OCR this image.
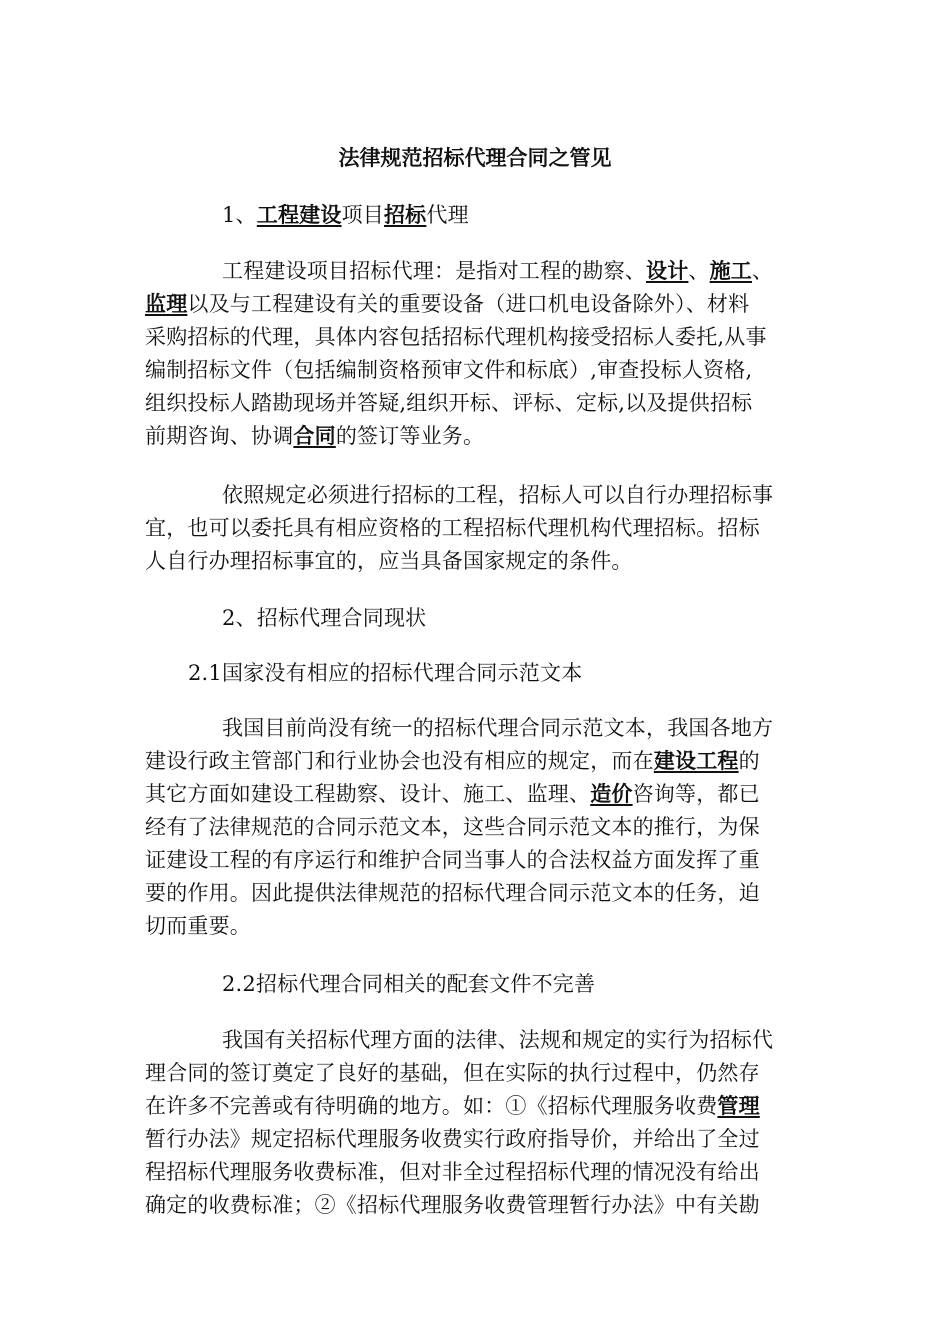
法律规范招标代理合同之管见
1、工程建设项目招标代理
工程建设项目招标代理：是指对工程的勘察、设计、施工、
监理以及与工程建设有关的重要设备（进口机电设备除外）、材料
采购招标的代理，具体内容包括招标代理机构接受招标人委托,从事
编制招标文件（包括编制资格预审文件和标底）,审查投标人资格,
组织投标人踏勘现场并答疑,组织开标、评标、定标,以及提供招标
前期咨询、协调合同的签订等业务。
依照规定必须进行招标的工程，招标人可以自行办理招标事
宜，也可以委托具有相应资格的工程招标代理机构代理招标。招标
人自行办理招标事宜的，应当具备国家规定的条件。
2、招标代理合同现状
2.1国家没有相应的招标代理合同示范文本
我国目前尚没有统一的招标代理合同示范文本，我国各地方
建设行政主管部门和行业协会也没有相应的规定，而在建设工程的
其它方面如建设工程勘察、设计、施工、监理、造价咨询等，都已
经有了法律规范的合同示范文本，这些合同示范文本的推行，为保
证建设工程的有序运行和维护合同当事人的合法权益方面发挥了重
要的作用。因此提供法律规范的招标代理合同示范文本的任务，迫
切而重要。
2.2招标代理合同相关的配套文件不完善
我国有关招标代理方面的法律、法规和规定的实行为招标代
理合同的签订奠定了良好的基础，但在实际的执行过程中，仍然存
在许多不完善或有待明确的地方。如：①《招标代理服务收费管理
暂行办法》规定招标代理服务收费实行政府指导价，并给出了全过
程招标代理服务收费标准，但对非全过程招标代理的情况没有给出
确定的收费标准；②《招标代理服务收费管理暂行办法》中有关勘
